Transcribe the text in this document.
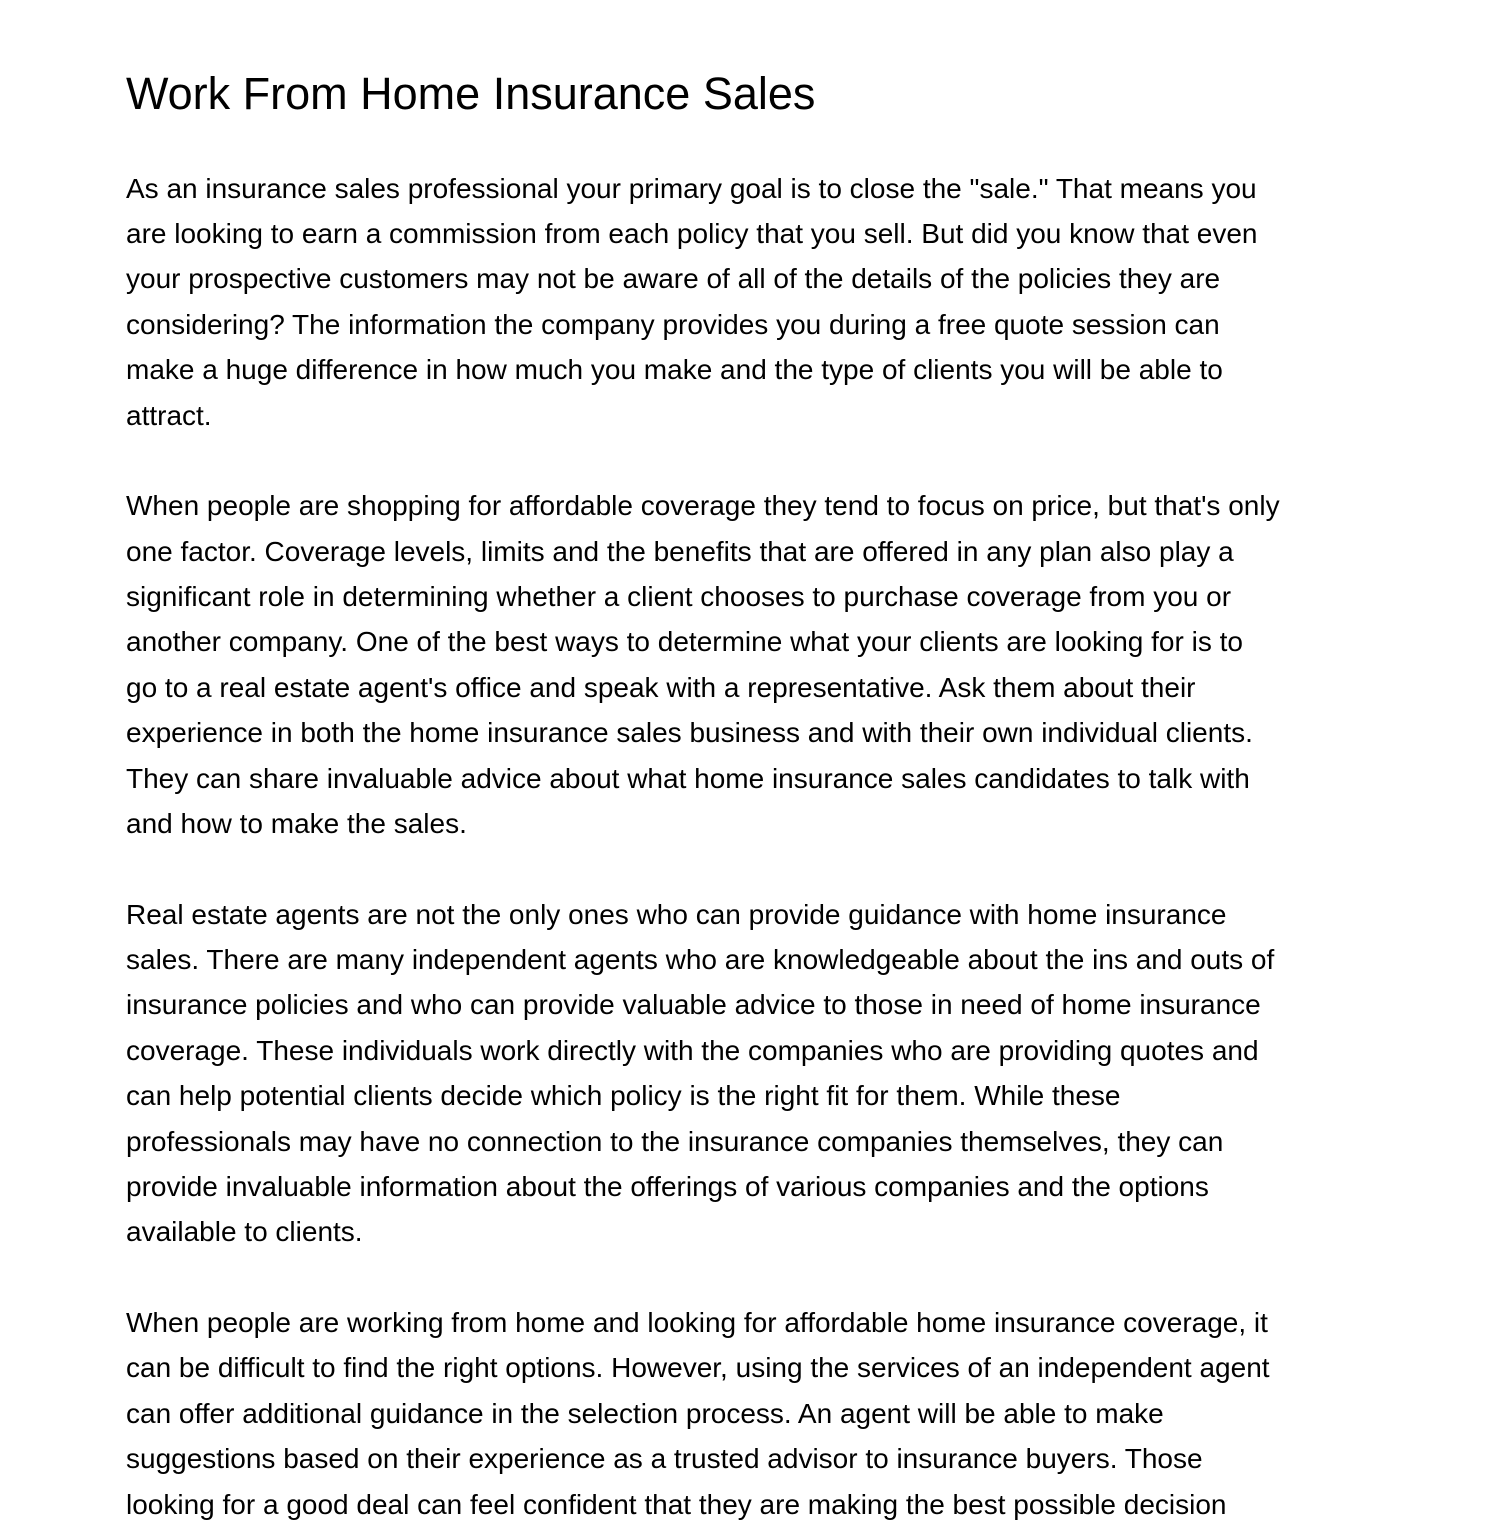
Work From Home Insurance Sales

As an insurance sales professional your primary goal is to close the "sale." That means you

are looking to earn a commission from each policy that you sell. But did you know that even

your prospective customers may not be aware of all of the details of the policies they are

considering? The information the company provides you during a free quote session can

make a huge difference in how much you make and the type of clients you will be able to

attract.

When people are shopping for affordable coverage they tend to focus on price, but that's only

one factor. Coverage levels, limits and the benefits that are offered in any plan also play a

significant role in determining whether a client chooses to purchase coverage from you or

another company. One of the best ways to determine what your clients are looking for is to

go to a real estate agent's office and speak with a representative. Ask them about their

experience in both the home insurance sales business and with their own individual clients.

They can share invaluable advice about what home insurance sales candidates to talk with

and how to make the sales.

Real estate agents are not the only ones who can provide guidance with home insurance

sales. There are many independent agents who are knowledgeable about the ins and outs of

insurance policies and who can provide valuable advice to those in need of home insurance

coverage. These individuals work directly with the companies who are providing quotes and

can help potential clients decide which policy is the right fit for them. While these

professionals may have no connection to the insurance companies themselves, they can

provide invaluable information about the offerings of various companies and the options

available to clients.

When people are working from home and looking for affordable home insurance coverage, it

can be difficult to find the right options. However, using the services of an independent agent

can offer additional guidance in the selection process. An agent will be able to make

suggestions based on their experience as a trusted advisor to insurance buyers. Those

looking for a good deal can feel confident that they are making the best possible decision
